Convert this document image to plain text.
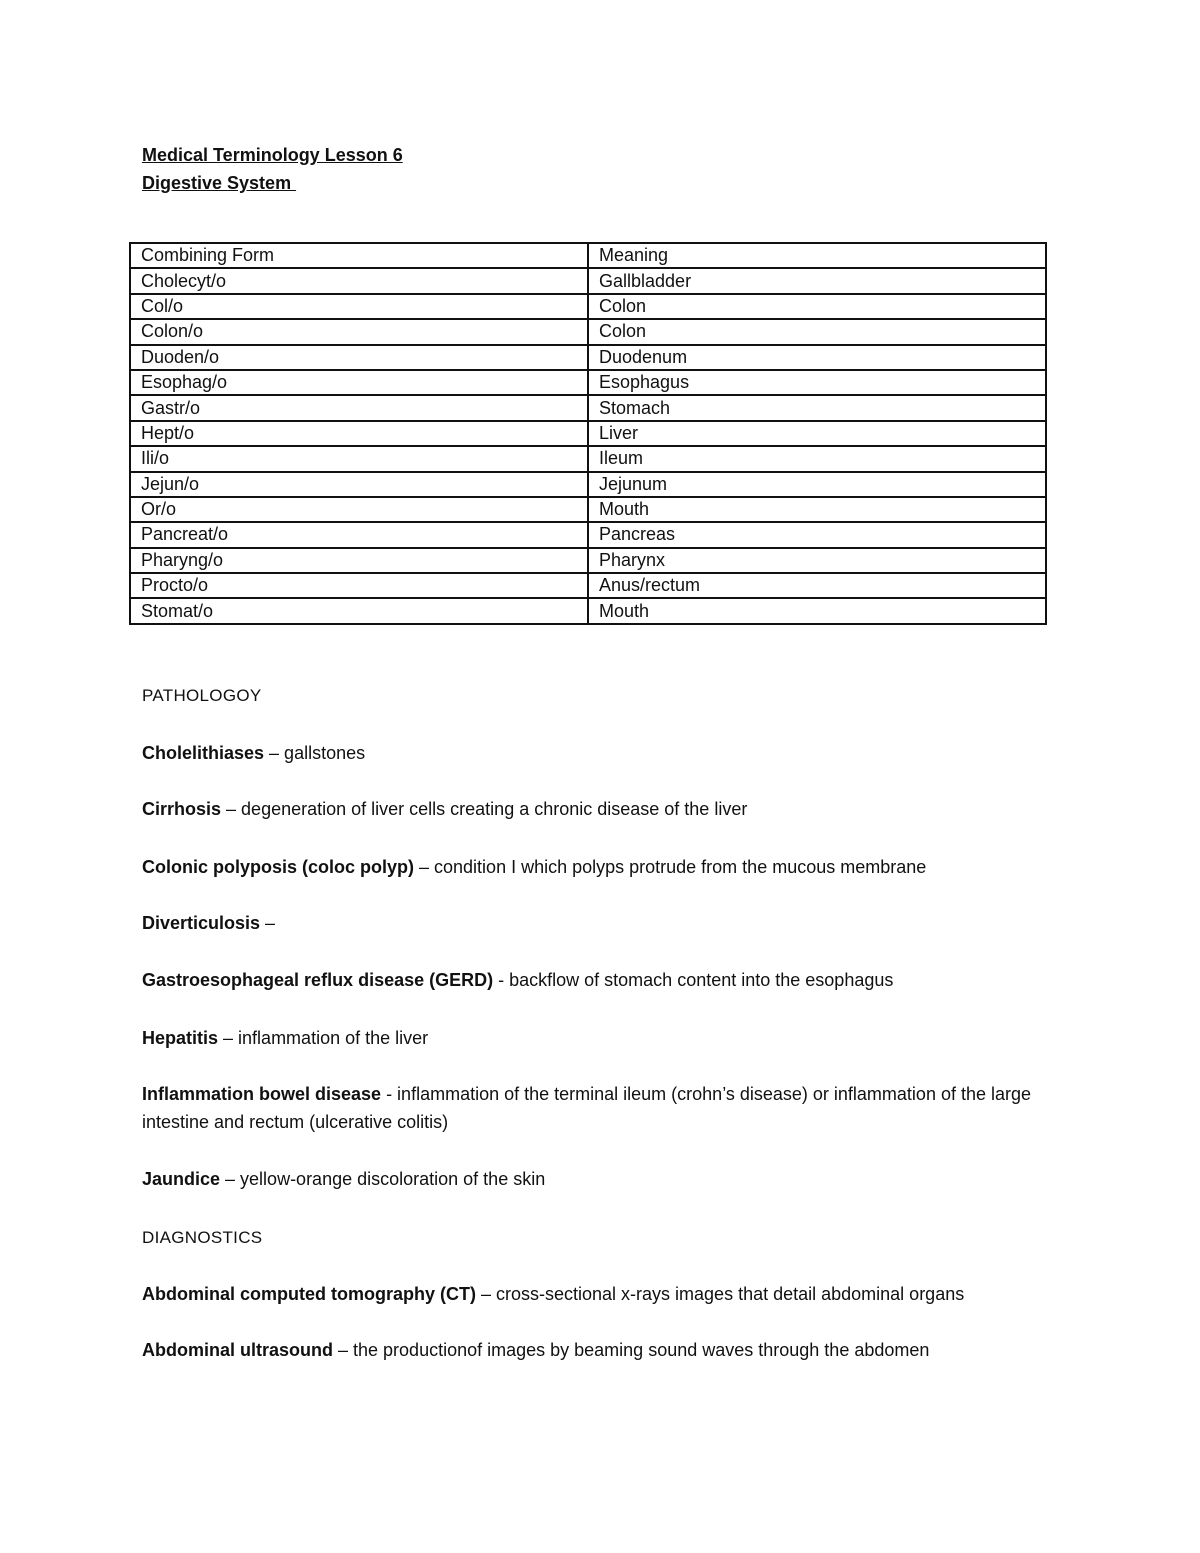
Medical Terminology Lesson 6
Digestive System
Combining Form	Meaning
Cholecyt/o	Gallbladder
Col/o	Colon
Colon/o	Colon
Duoden/o	Duodenum
Esophag/o	Esophagus
Gastr/o	Stomach
Hept/o	Liver
Ili/o	Ileum
Jejun/o	Jejunum
Or/o	Mouth
Pancreat/o	Pancreas
Pharyng/o	Pharynx
Procto/o	Anus/rectum
Stomat/o	Mouth
PATHOLOGOY
Cholelithiases – gallstones
Cirrhosis – degeneration of liver cells creating a chronic disease of the liver
Colonic polyposis (coloc polyp) – condition I which polyps protrude from the mucous membrane
Diverticulosis –
Gastroesophageal reflux disease (GERD) - backflow of stomach content into the esophagus
Hepatitis – inflammation of the liver
Inflammation bowel disease - inflammation of the terminal ileum (crohn’s disease) or inflammation of the large intestine and rectum (ulcerative colitis)
Jaundice – yellow-orange discoloration of the skin
DIAGNOSTICS
Abdominal computed tomography (CT) – cross-sectional x-rays images that detail abdominal organs
Abdominal ultrasound – the productionof images by beaming sound waves through the abdomen
